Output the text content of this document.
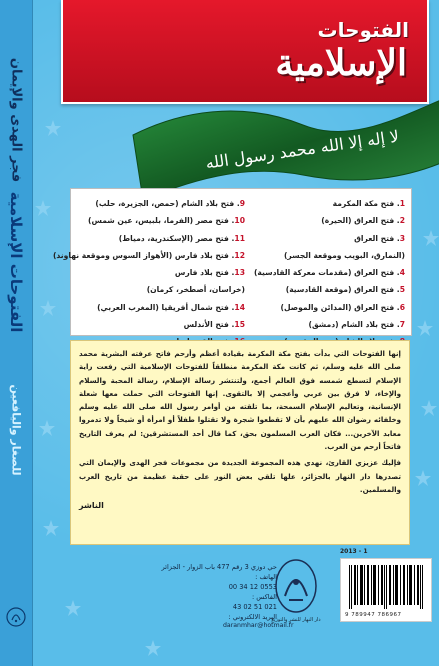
فجر الهدى والإيمان
الفتوحات الإسلامية
للصغار واليافعين
الفتوحات
الإسلامية
لا إله إلا الله محمد رسول الله
1. فتح مكة المكرمة
2. فتح العراق (الحيرة)
3. فتح العراق
(النمارق، البويب وموقعة الجسر)
4. فتح العراق (مقدمات معركة القادسية)
5. فتح العراق (موقعة القادسية)
6. فتح العراق (المدائن والموصل)
7. فتح بلاد الشام (دمشق)
9. فتح بلاد الشام (حمص، الجزيرة، حلب)
10. فتح مصر (الفرما، بلبيس، عين شمس)
11. فتح مصر (الإسكندرية، دمياط)
12. فتح بلاد فارس (الأهواز السوس وموقعة نهاوند)
13. فتح بلاد فارس
(خراسان، أصطخر، كرمان)
14. فتح شمال أفريقيا (المغرب العربي)
15. فتح الأندلس

إنها الفتوحات التي بدأت بفتح مكة المكرمة بقيادة أعظم وأرحم فاتح عرفته البشرية محمد صلى الله عليه وسلم، ثم كانت مكة المكرمة منطلقاً للفتوحات الإسلامية التي رفعت راية الإسلام لتسطع شمسه فوق العالم أجمع، ولتنتشر رسالة الإسلام، رسالة المحبة والسلام والإخاء، لا فرق بين عربي وأعجمي إلا بالتقوى. إنها الفتوحات التي حملت معها شعلة الإنسانية، وتعاليم الإسلام السمحة، بما تلقته من أوامر رسول الله صلى الله عليه وسلم وخلفائه رضوان الله عليهم بأن لا تقطعوا شجرة ولا تقتلوا طفلاً أو امرأة أو شيخاً ولا تدمروا معابد الآخرين... فكان العرب المسلمون بحق، كما قال أحد المستشرقين: لم يعرف التاريخ فاتحاً أرحم من العرب.

فإليك عزيزي القارئ، نهدي هذه المجموعة الجديدة من مجموعات فجر الهدى والإيمان التي تصدرها دار النهار بالجزائر، علها تلقي بعض النور على حقبة عظيمة من تاريخ العرب والمسلمين.

الناشر

حي دوزي 3 رقم 477 باب الزوار - الجزائر
الهاتف :
0553 12 34 00
الفاكس :
021 51 02 43
البريد الالكتروني :
daranmhar@hotmail.fr
دار النهار للنشر والتوزيع
2013 - 1
9 789947 786967
